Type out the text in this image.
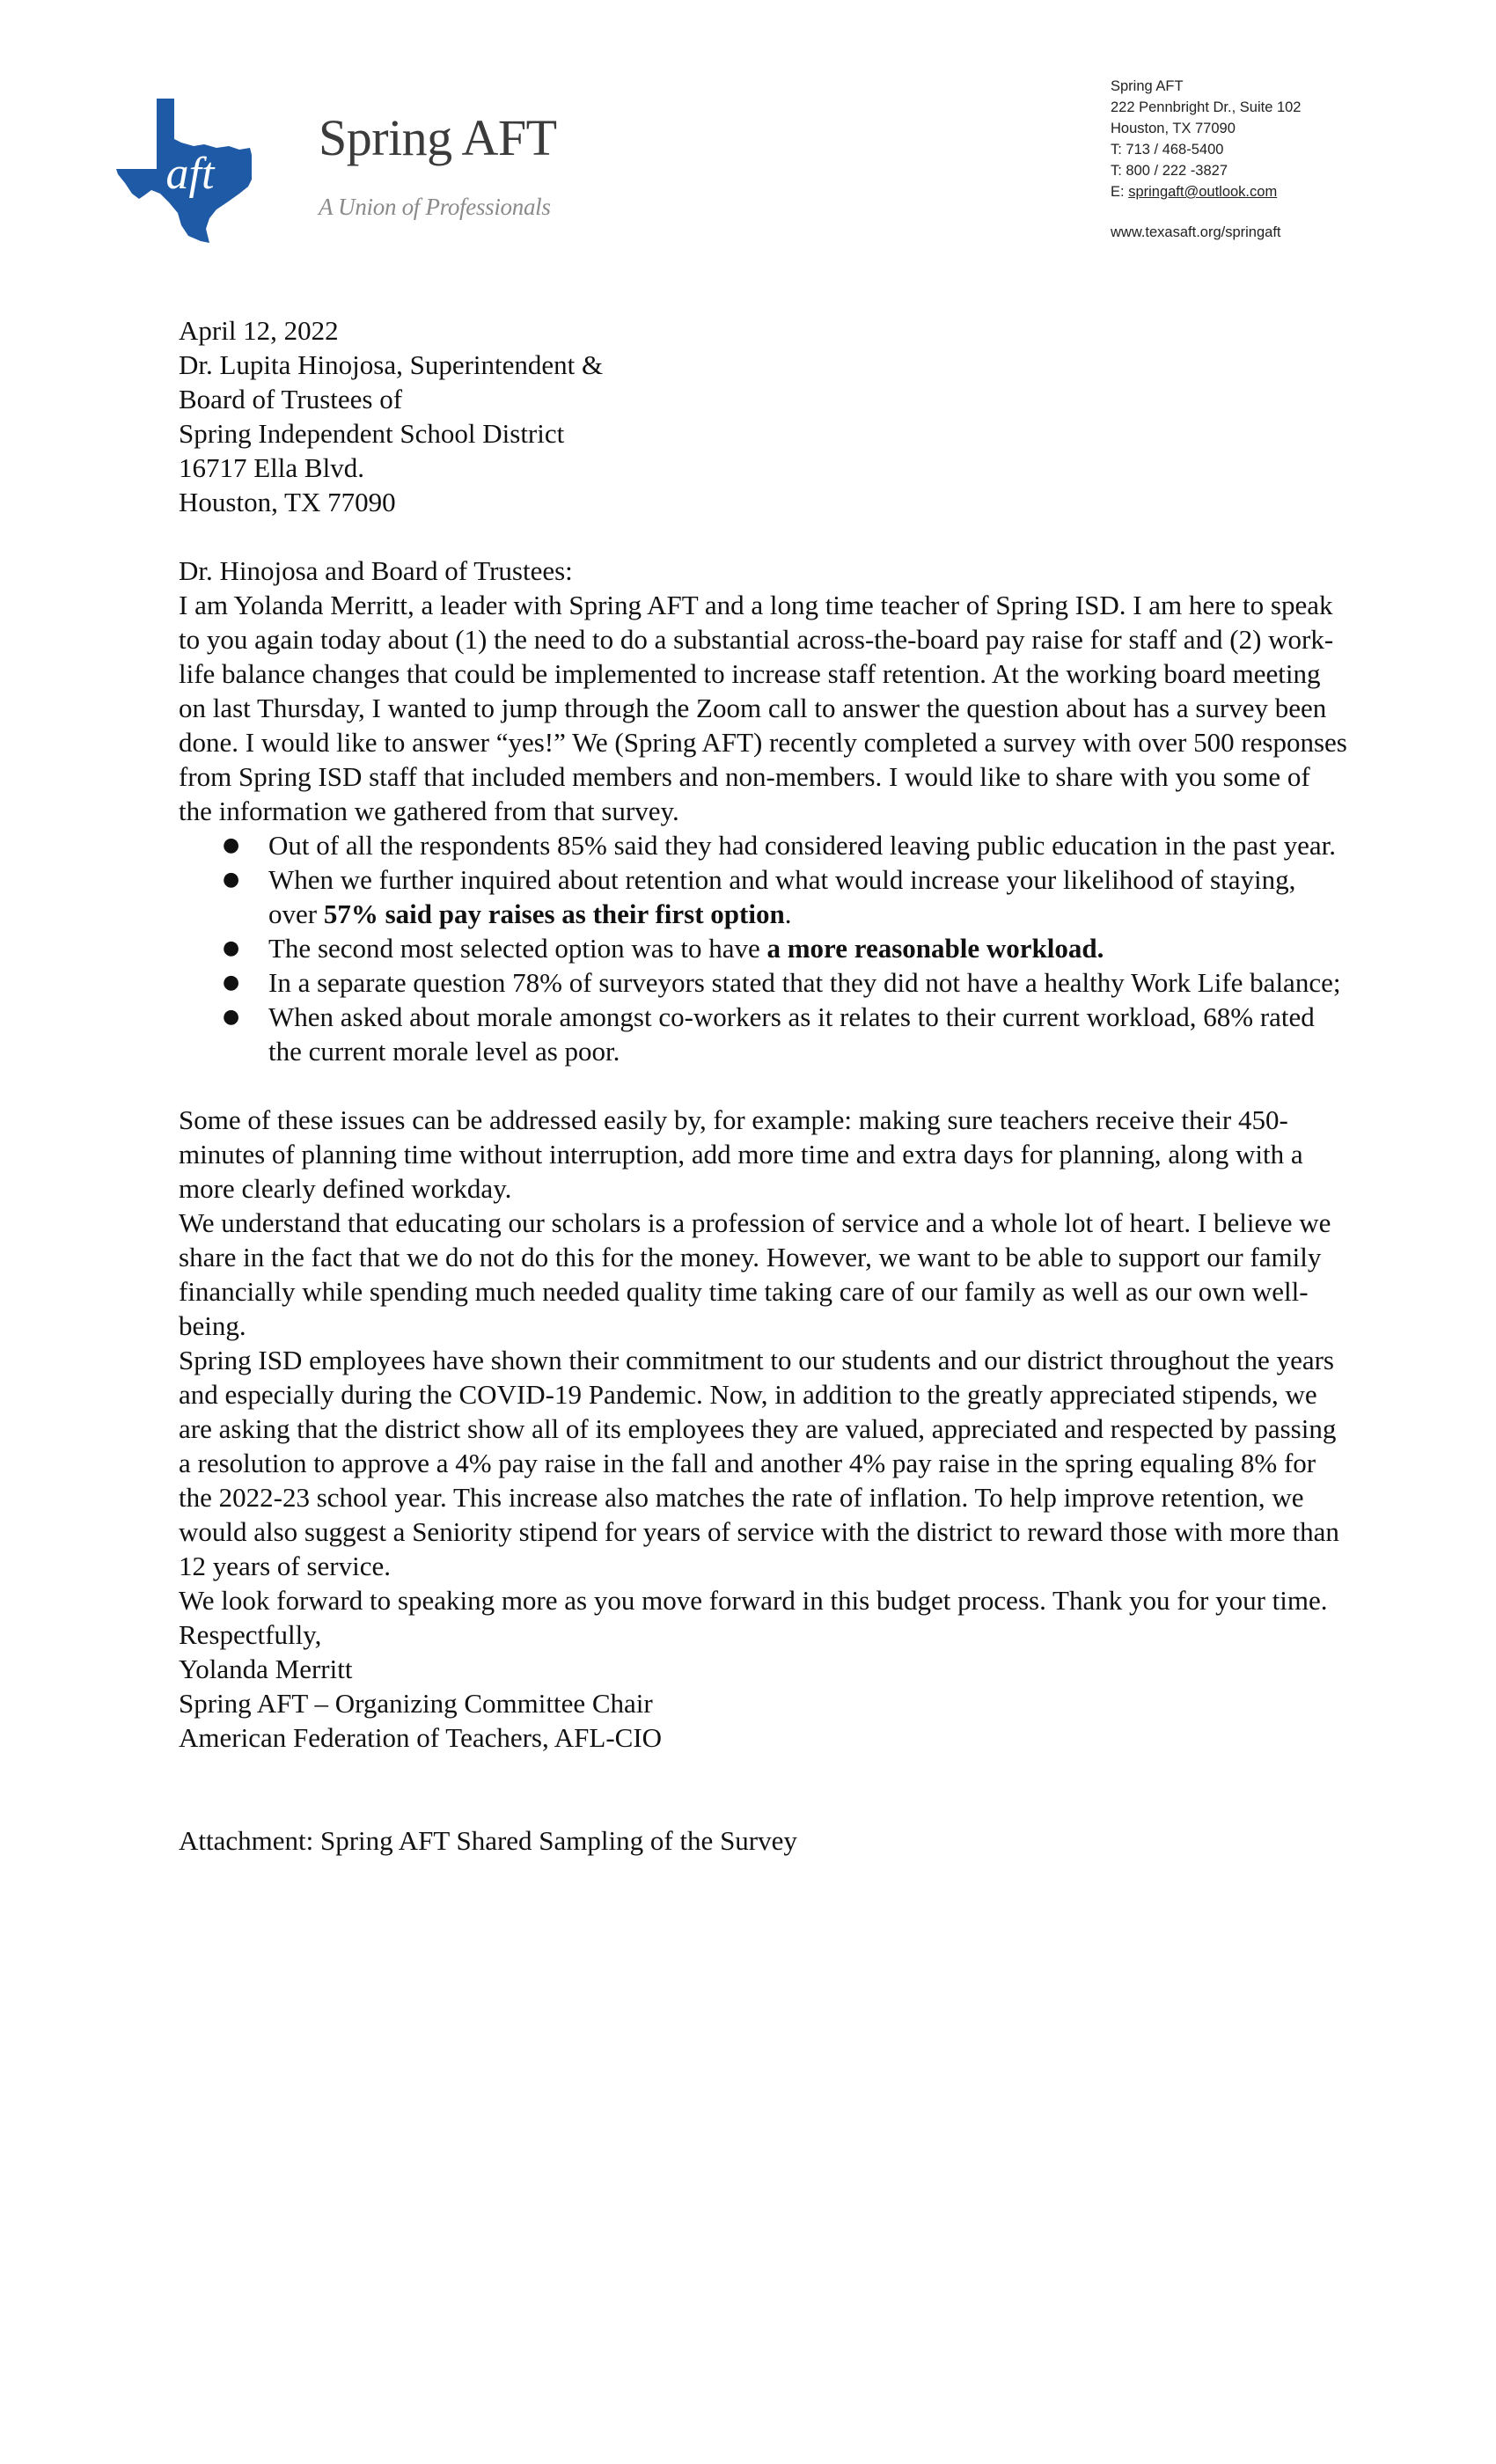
aft
Spring AFT
A Union of Professionals
Spring AFT
222 Pennbright Dr., Suite 102
Houston, TX 77090
T: 713 / 468-5400
T: 800 / 222 -3827
E: springaft@outlook.com
www.texasaft.org/springaft

April 12, 2022

Dr. Lupita Hinojosa, Superintendent &

Board of Trustees of

Spring Independent School District

16717 Ella Blvd.

Houston, TX 77090

Dr. Hinojosa and Board of Trustees:

I am Yolanda Merritt, a leader with Spring AFT and a long time teacher of Spring ISD. I am here to speak to you again today about (1) the need to do a substantial across-the-board pay raise for staff and (2) work-life balance changes that could be implemented to increase staff retention. At the working board meeting on last Thursday, I wanted to jump through the Zoom call to answer the question about has a survey been done. I would like to answer “yes!” We (Spring AFT) recently completed a survey with over 500 responses from Spring ISD staff that included members and non-members. I would like to share with you some of the information we gathered from that survey.

● Out of all the respondents 85% said they had considered leaving public education in the past year.
● When we further inquired about retention and what would increase your likelihood of staying, over 57% said pay raises as their first option.
● The second most selected option was to have a more reasonable workload.
● In a separate question 78% of surveyors stated that they did not have a healthy Work Life balance;
● When asked about morale amongst co-workers as it relates to their current workload, 68% rated the current morale level as poor.

Some of these issues can be addressed easily by, for example: making sure teachers receive their 450-minutes of planning time without interruption, add more time and extra days for planning, along with a more clearly defined workday.

We understand that educating our scholars is a profession of service and a whole lot of heart. I believe we share in the fact that we do not do this for the money. However, we want to be able to support our family financially while spending much needed quality time taking care of our family as well as our own well-being.

Spring ISD employees have shown their commitment to our students and our district throughout the years and especially during the COVID-19 Pandemic. Now, in addition to the greatly appreciated stipends, we are asking that the district show all of its employees they are valued, appreciated and respected by passing a resolution to approve a 4% pay raise in the fall and another 4% pay raise in the spring equaling 8% for the 2022-23 school year. This increase also matches the rate of inflation. To help improve retention, we would also suggest a Seniority stipend for years of service with the district to reward those with more than 12 years of service.

We look forward to speaking more as you move forward in this budget process. Thank you for your time.

Respectfully,

Yolanda Merritt

Spring AFT – Organizing Committee Chair

American Federation of Teachers, AFL-CIO

Attachment: Spring AFT Shared Sampling of the Survey
